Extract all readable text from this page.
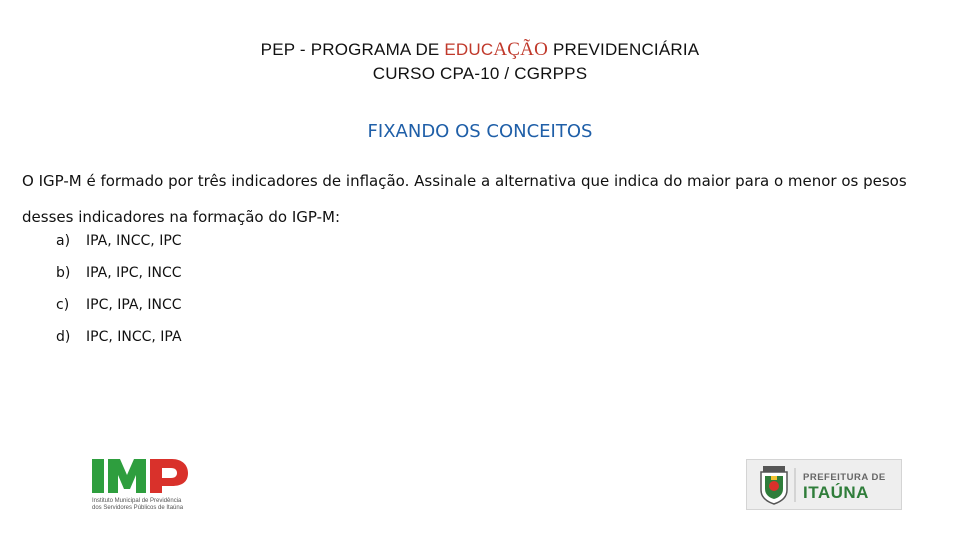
PEP - PROGRAMA DE EDUCAÇÃO PREVIDENCIÁRIA
CURSO CPA-10 / CGRPPS
FIXANDO OS CONCEITOS
O IGP-M é formado por três indicadores de inflação. Assinale a alternativa que indica do maior para o menor os pesos desses indicadores na formação do IGP-M:
a)	IPA, INCC, IPC
b)	IPA, IPC, INCC
c)	IPC, IPA, INCC
d)	IPC, INCC, IPA
Instituto Municipal de Previdência
dos Servidores Públicos de Itaúna
PREFEITURA DE
ITAÚNA
